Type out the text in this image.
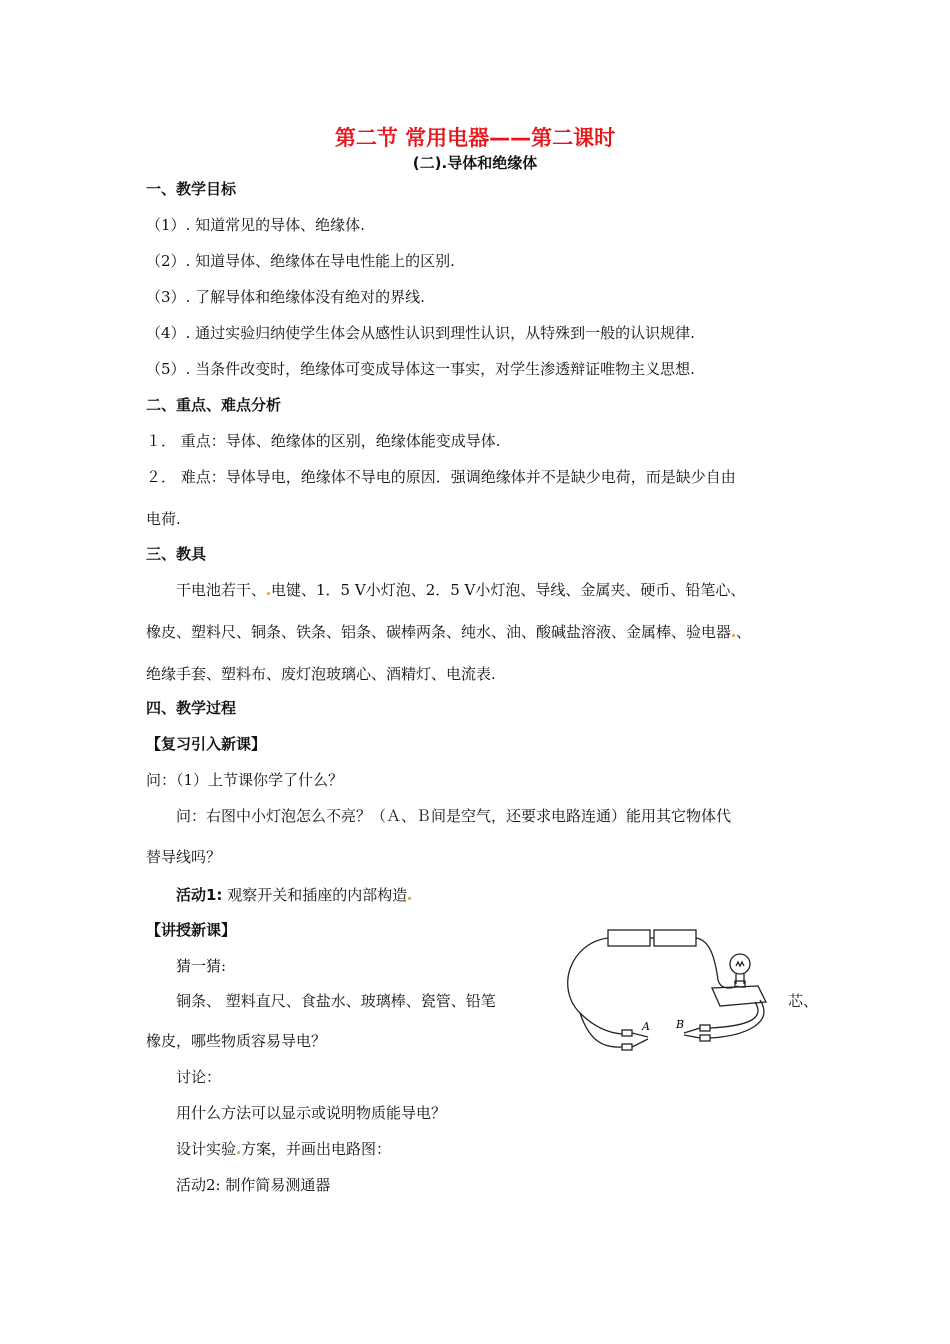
第二节 常用电器——第二课时
(二).导体和绝缘体
一、教学目标
（1）. 知道常见的导体、绝缘体.
（2）. 知道导体、绝缘体在导电性能上的区别.
（3）. 了解导体和绝缘体没有绝对的界线.
（4）. 通过实验归纳使学生体会从感性认识到理性认识，从特殊到一般的认识规律.
（5）. 当条件改变时，绝缘体可变成导体这一事实，对学生渗透辩证唯物主义思想.
二、重点、难点分析
１． 重点：导体、绝缘体的区别，绝缘体能变成导体.
２． 难点：导体导电，绝缘体不导电的原因．强调绝缘体并不是缺少电荷，而是缺少自由
电荷.
三、教具
干电池若干、 电键、1．5 V小灯泡、2．5 V小灯泡、导线、金属夹、硬币、铅笔心、
橡皮、塑料尺、铜条、铁条、铝条、碳棒两条、纯水、油、酸碱盐溶液、金属棒、验电器 、
绝缘手套、塑料布、废灯泡玻璃心、酒精灯、电流表.
四、教学过程
【复习引入新课】
问：（1）上节课你学了什么？
问：右图中小灯泡怎么不亮？（Ａ、Ｂ间是空气，还要求电路连通）能用其它物体代
替导线吗？
活动1: 观察开关和插座的内部构造
【讲授新课】
猜一猜:
铜条、 塑料直尺、食盐水、玻璃棒、瓷管、铅笔	芯、
橡皮，哪些物质容易导电？
讨论：
用什么方法可以显示或说明物质能导电？
设计实验 方案，并画出电路图：
活动2: 制作简易测通器
A B
